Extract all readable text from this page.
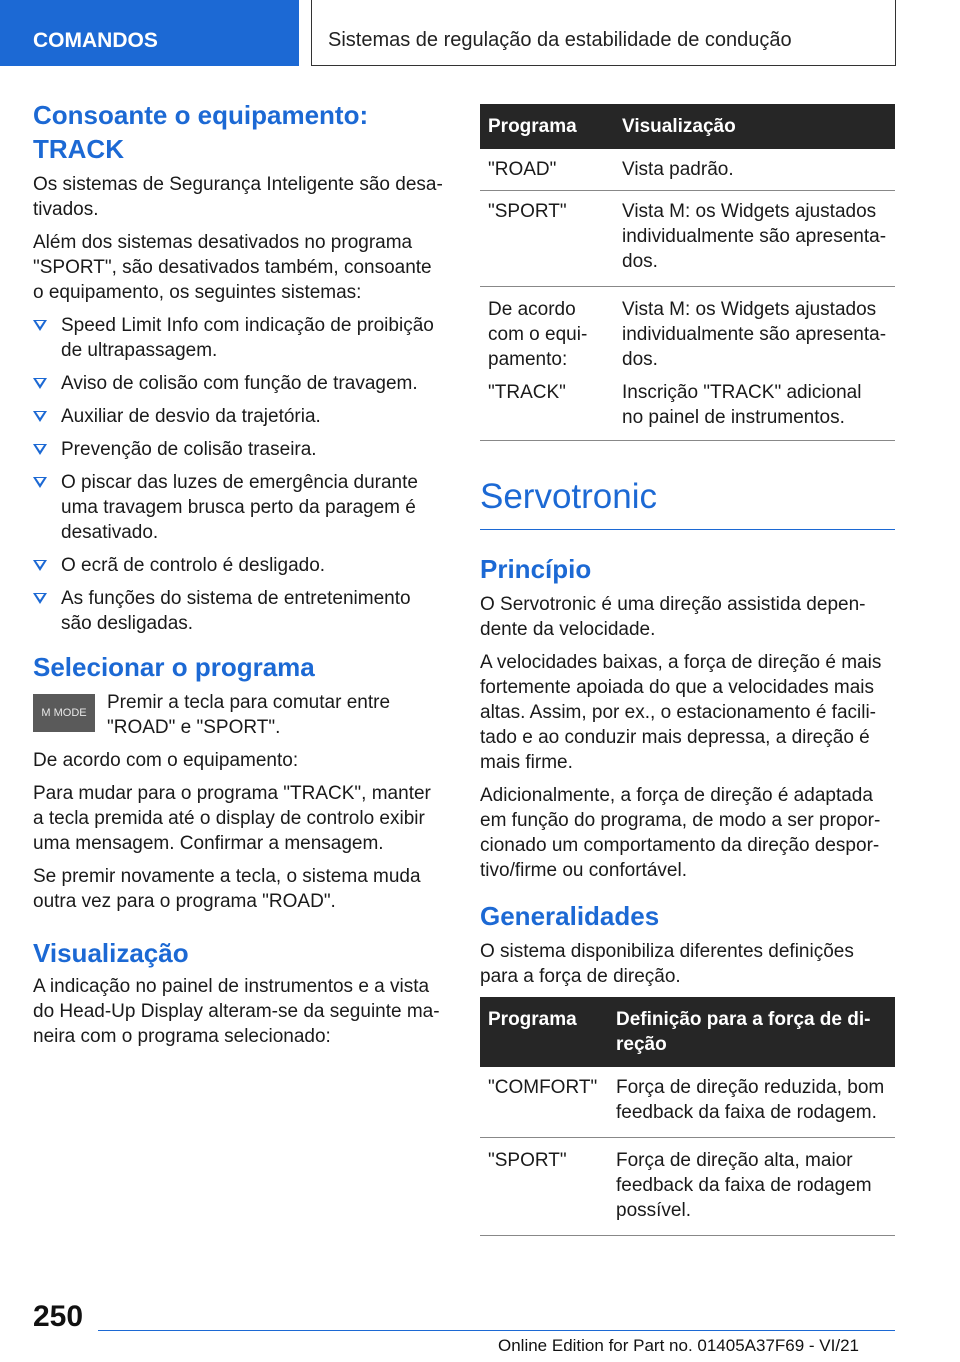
COMANDOS	Sistemas de regulação da estabilidade de condução
Consoante o equipamento: TRACK

Os sistemas de Segurança Inteligente são desa-tivados.

Além dos sistemas desativados no programa "SPORT", são desativados também, consoante o equipamento, os seguintes sistemas:

Speed Limit Info com indicação de proibição de ultrapassagem.
Aviso de colisão com função de travagem.
Auxiliar de desvio da trajetória.
Prevenção de colisão traseira.
O piscar das luzes de emergência durante uma travagem brusca perto da paragem é desativado.
O ecrã de controlo é desligado.
As funções do sistema de entretenimento são desligadas.
Selecionar o programa
M MODE	Premir a tecla para comutar entre "ROAD" e "SPORT".

De acordo com o equipamento:

Para mudar para o programa "TRACK", manter a tecla premida até o display de controlo exibir uma mensagem. Confirmar a mensagem.

Se premir novamente a tecla, o sistema muda outra vez para o programa "ROAD".

Visualização

A indicação no painel de instrumentos e a vista do Head-Up Display alteram-se da seguinte ma-neira com o programa selecionado:

Programa	Visualização
"ROAD"	Vista padrão.
"SPORT"	Vista M: os Widgets ajustados individualmente são apresenta-dos.
De acordo com o equi-pamento:	Vista M: os Widgets ajustados individualmente são apresenta-dos.
"TRACK"	Inscrição "TRACK" adicional no painel de instrumentos.
Servotronic
Princípio

O Servotronic é uma direção assistida depen-dente da velocidade.

A velocidades baixas, a força de direção é mais fortemente apoiada do que a velocidades mais altas. Assim, por ex., o estacionamento é facili-tado e ao conduzir mais depressa, a direção é mais firme.

Adicionalmente, a força de direção é adaptada em função do programa, de modo a ser propor-cionado um comportamento da direção despor-tivo/firme ou confortável.

Generalidades

O sistema disponibiliza diferentes definições para a força de direção.

Programa	Definição para a força de di-reção
"COMFORT"	Força de direção reduzida, bom feedback da faixa de rodagem.
"SPORT"	Força de direção alta, maior feedback da faixa de rodagem possível.
250
Online Edition for Part no. 01405A37F69 - VI/21
